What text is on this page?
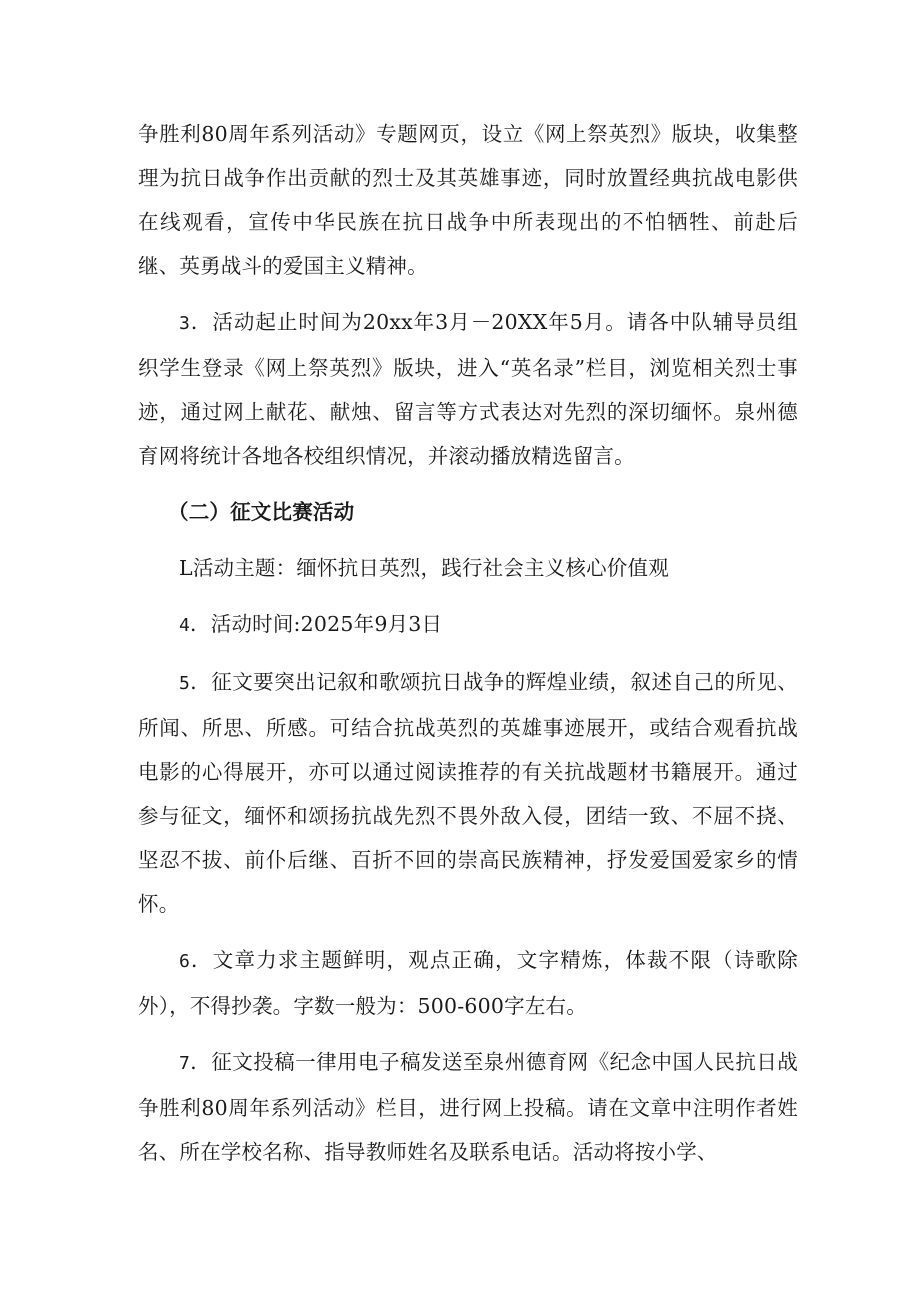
争胜利80周年系列活动》专题网页，设立《网上祭英烈》版块，收集整理为抗日战争作出贡献的烈士及其英雄事迹，同时放置经典抗战电影供在线观看，宣传中华民族在抗日战争中所表现出的不怕牺牲、前赴后继、英勇战斗的爱国主义精神。

3．活动起止时间为20xx年3月－20XX年5月。请各中队辅导员组织学生登录《网上祭英烈》版块，进入“英名录”栏目，浏览相关烈士事迹，通过网上献花、献烛、留言等方式表达对先烈的深切缅怀。泉州德育网将统计各地各校组织情况，并滚动播放精选留言。

（二）征文比赛活动

L活动主题：缅怀抗日英烈，践行社会主义核心价值观

4．活动时间:2025年9月3日

5．征文要突出记叙和歌颂抗日战争的辉煌业绩，叙述自己的所见、所闻、所思、所感。可结合抗战英烈的英雄事迹展开，或结合观看抗战电影的心得展开，亦可以通过阅读推荐的有关抗战题材书籍展开。通过参与征文，缅怀和颂扬抗战先烈不畏外敌入侵，团结一致、不屈不挠、坚忍不拔、前仆后继、百折不回的崇高民族精神，抒发爱国爱家乡的情怀。

6．文章力求主题鲜明，观点正确，文字精炼，体裁不限（诗歌除外），不得抄袭。字数一般为：500-600字左右。

7．征文投稿一律用电子稿发送至泉州德育网《纪念中国人民抗日战争胜利80周年系列活动》栏目，进行网上投稿。请在文章中注明作者姓名、所在学校名称、指导教师姓名及联系电话。活动将按小学、
